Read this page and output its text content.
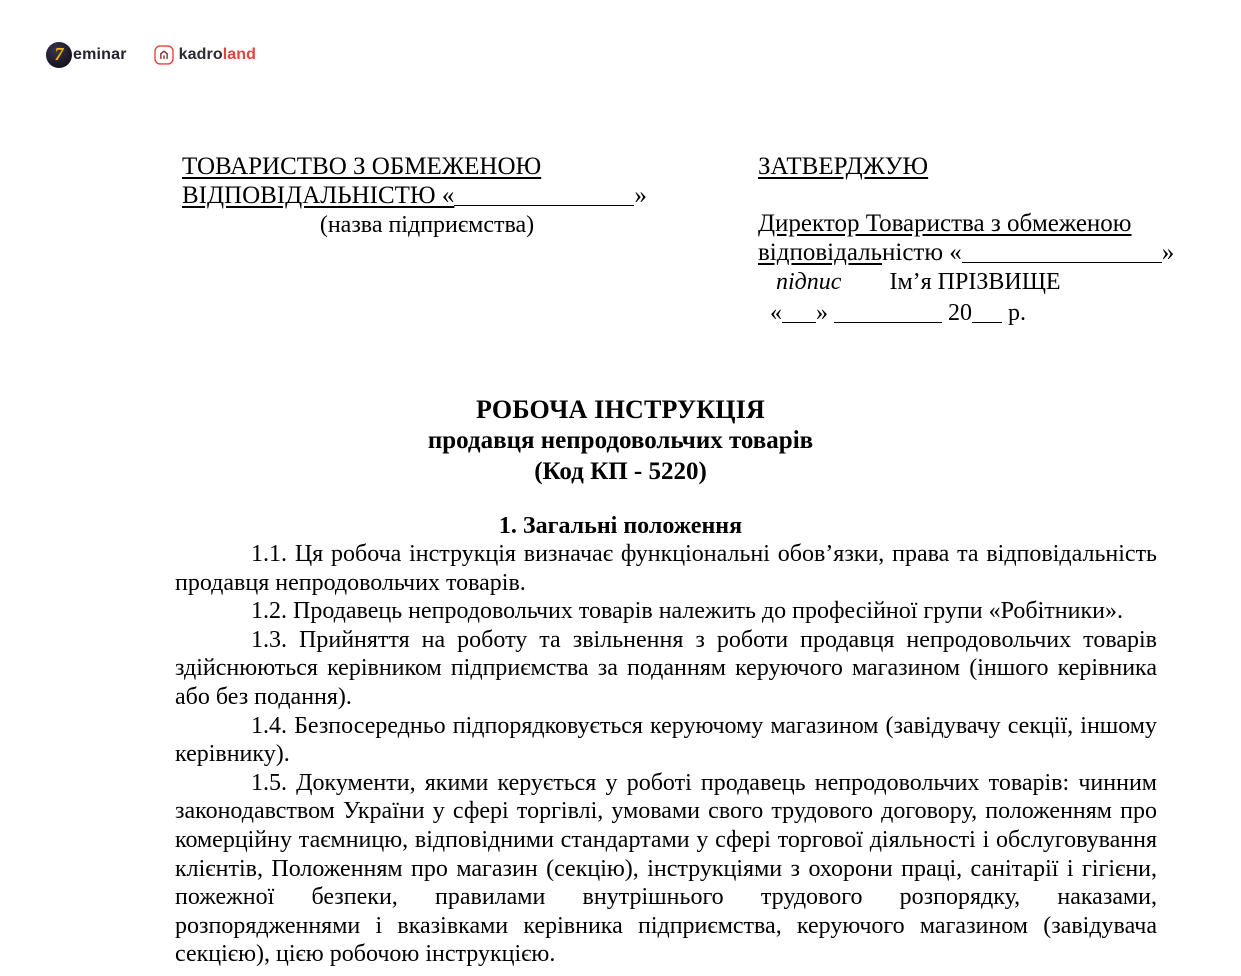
7 eminar	kadroland
ТОВАРИСТВО З ОБМЕЖЕНОЮ
ВІДПОВІДАЛЬНІСТЮ «	»
(назва підприємства)
ЗАТВЕРДЖУЮ
Директор Товариства з обмеженою
відповідальністю «	»
підпис Ім’я ПРІЗВИЩЕ
« »	20 р.
РОБОЧА ІНСТРУКЦІЯ
продавця непродовольчих товарів
(Код КП - 5220)
1. Загальні положення

1.1. Ця робоча інструкція визначає функціональні обов’язки, права та відповідальність продавця непродовольчих товарів.

1.2. Продавець непродовольчих товарів належить до професійної групи «Робітники».

1.3. Прийняття на роботу та звільнення з роботи продавця непродовольчих товарів здійснюються керівником підприємства за поданням керуючого магазином (іншого керівника або без подання).

1.4. Безпосередньо підпорядковується керуючому магазином (завідувачу секції, іншому керівнику).

1.5. Документи, якими керується у роботі продавець непродовольчих товарів: чинним законодавством України у сфері торгівлі, умовами свого трудового договору, положенням про комерційну таємницю, відповідними стандартами у сфері торгової діяльності і обслуговування клієнтів, Положенням про магазин (секцію), інструкціями з охорони праці, санітарії і гігієни, пожежної безпеки, правилами внутрішнього трудового розпорядку, наказами, розпорядженнями і вказівками керівника підприємства, керуючого магазином (завідувача секцією), цією робочою інструкцією.
